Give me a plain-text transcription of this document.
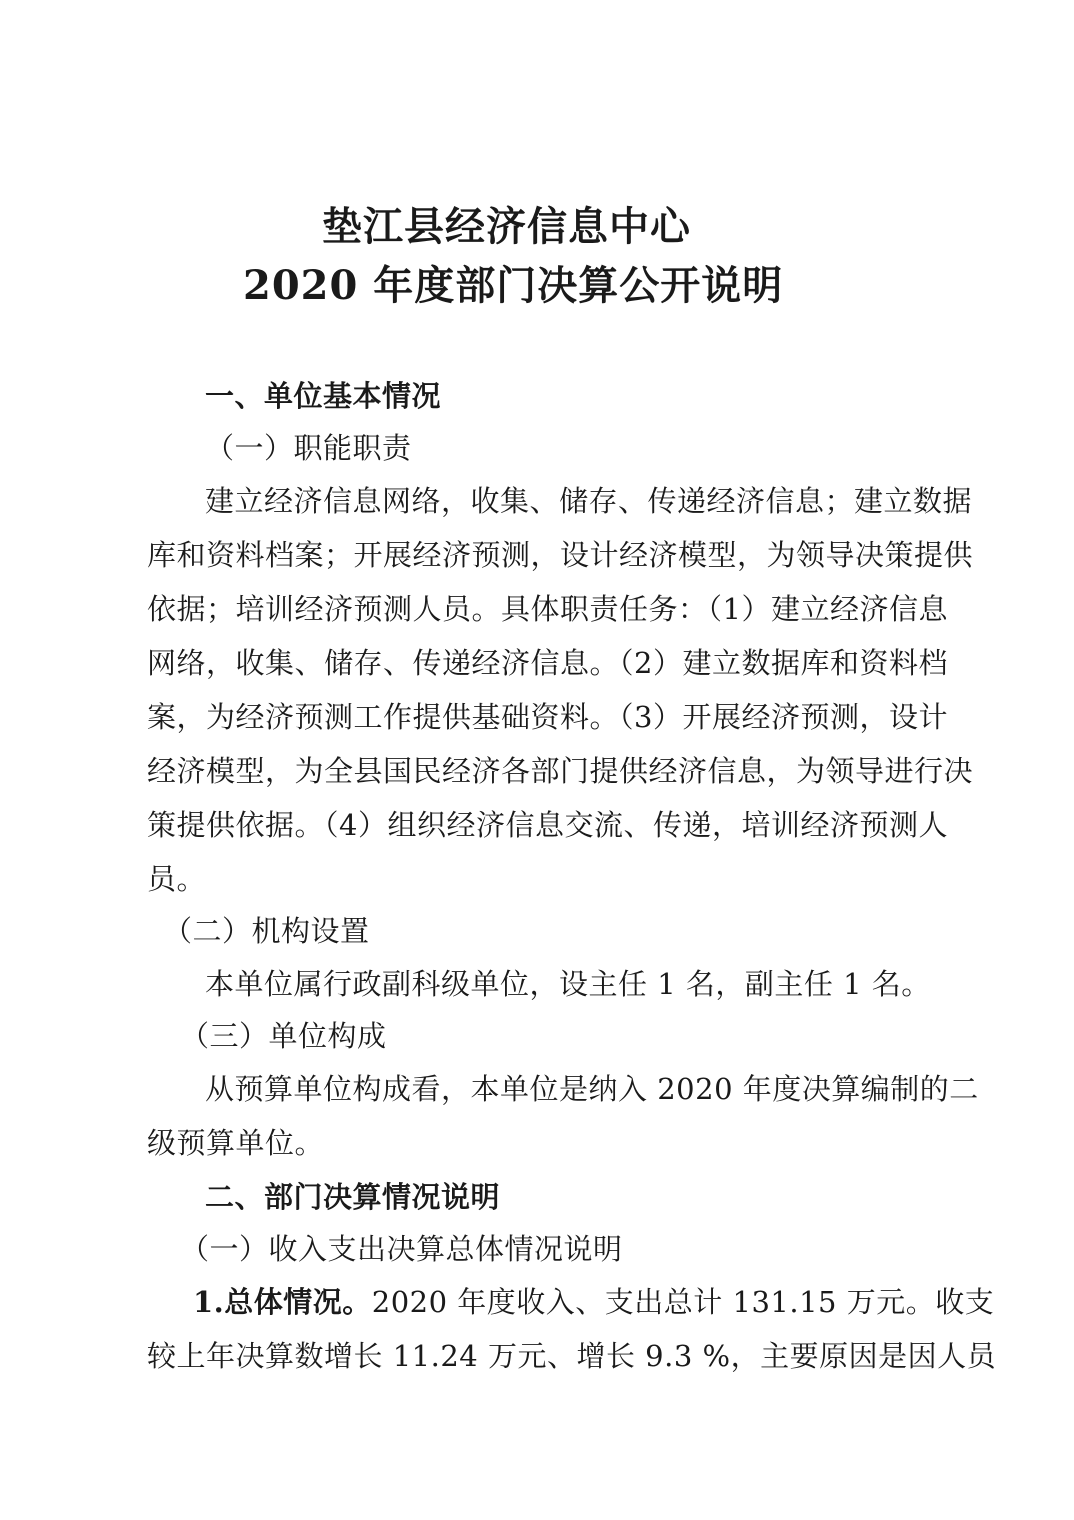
垫江县经济信息中心
2020 年度部门决算公开说明
一、单位基本情况
（一）职能职责
建立经济信息网络，收集、储存、传递经济信息；建立数据
库和资料档案；开展经济预测，设计经济模型，为领导决策提供
依据；培训经济预测人员。具体职责任务：（1）建立经济信息
网络，收集、储存、传递经济信息。（2）建立数据库和资料档
案，为经济预测工作提供基础资料。（3）开展经济预测，设计
经济模型，为全县国民经济各部门提供经济信息，为领导进行决
策提供依据。（4）组织经济信息交流、传递，培训经济预测人
员。
（二）机构设置
本单位属行政副科级单位，设主任 1 名，副主任 1 名。
（三）单位构成
从预算单位构成看，本单位是纳入 2020 年度决算编制的二
级预算单位。
二、部门决算情况说明
（一）收入支出决算总体情况说明
1.总体情况。2020 年度收入、支出总计 131.15 万元。收支
较上年决算数增长 11.24 万元、增长 9.3 %，主要原因是因人员
